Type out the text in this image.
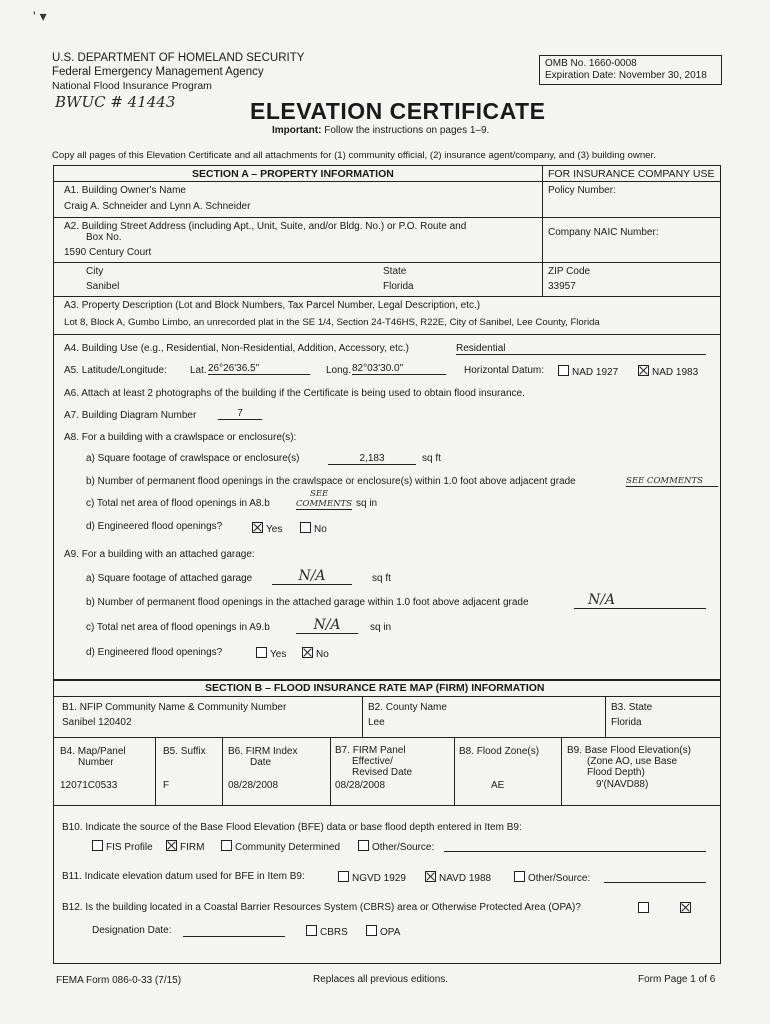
' ▾
U.S. DEPARTMENT OF HOMELAND SECURITY
Federal Emergency Management Agency
National Flood Insurance Program
BWUC # 41443
OMB No. 1660-0008
Expiration Date: November 30, 2018
ELEVATION CERTIFICATE
Important: Follow the instructions on pages 1–9.
Copy all pages of this Elevation Certificate and all attachments for (1) community official, (2) insurance agent/company, and (3) building owner.
SECTION A – PROPERTY INFORMATION	FOR INSURANCE COMPANY USE
A1. Building Owner's Name
Craig A. Schneider and Lynn A. Schneider
Policy Number:
A2. Building Street Address (including Apt., Unit, Suite, and/or Bldg. No.) or P.O. Route and
Box No.
1590 Century Court
Company NAIC Number:
City
Sanibel
State
Florida
ZIP Code
33957
A3. Property Description (Lot and Block Numbers, Tax Parcel Number, Legal Description, etc.)
Lot 8, Block A, Gumbo Limbo, an unrecorded plat in the SE 1/4, Section 24-T46HS, R22E, City of Sanibel, Lee County, Florida
A4. Building Use (e.g., Residential, Non-Residential, Addition, Accessory, etc.)	Residential
A5. Latitude/Longitude: Lat. 26°26'36.5"	Long. 82°03'30.0"	Horizontal Datum:	NAD 1927	NAD 1983
A6. Attach at least 2 photographs of the building if the Certificate is being used to obtain flood insurance.
A7. Building Diagram Number	7
A8. For a building with a crawlspace or enclosure(s):
a) Square footage of crawlspace or enclosure(s)	2,183	sq ft
b) Number of permanent flood openings in the crawlspace or enclosure(s) within 1.0 foot above adjacent grade	SEE COMMENTS
c) Total net area of flood openings in A8.b
SEE
COMMENTS sq in
d) Engineered flood openings?	Yes	No
A9. For a building with an attached garage:
a) Square footage of attached garage	N/A	sq ft
b) Number of permanent flood openings in the attached garage within 1.0 foot above adjacent grade	N/A
c) Total net area of flood openings in A9.b	N/A	sq in
d) Engineered flood openings?	Yes	No
SECTION B – FLOOD INSURANCE RATE MAP (FIRM) INFORMATION
B1. NFIP Community Name & Community Number
Sanibel 120402
B2. County Name
Lee
B3. State
Florida
B4. Map/Panel
Number
12071C0533
B5. Suffix
F
B6. FIRM Index
Date
08/28/2008
B7. FIRM Panel
Effective/
Revised Date
08/28/2008
B8. Flood Zone(s)
AE
B9. Base Flood Elevation(s)
(Zone AO, use Base
Flood Depth)
9'(NAVD88)
B10. Indicate the source of the Base Flood Elevation (BFE) data or base flood depth entered in Item B9:
FIS Profile	FIRM	Community Determined	Other/Source:
B11. Indicate elevation datum used for BFE in Item B9:	NGVD 1929	NAVD 1988	Other/Source:
B12. Is the building located in a Coastal Barrier Resources System (CBRS) area or Otherwise Protected Area (OPA)?
Designation Date:	CBRS	OPA
FEMA Form 086-0-33 (7/15)	Replaces all previous editions.	Form Page 1 of 6
